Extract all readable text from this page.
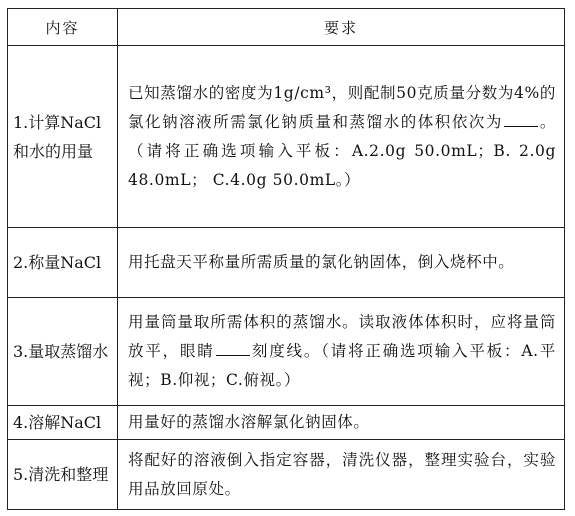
内容	要求
1.计算NaCl和水的用量	已知蒸馏水的密度为1g/cm³，则配制50克质量分数为4%的氯化钠溶液所需氯化钠质量和蒸馏水的体积依次为 。（请将正确选项输入平板：A.2.0g 50.0mL；B. 2.0g 48.0mL； C.4.0g 50.0mL。）
2.称量NaCl	用托盘天平称量所需质量的氯化钠固体，倒入烧杯中。
3.量取蒸馏水	用量筒量取所需体积的蒸馏水。读取液体体积时，应将量筒放平，眼睛 刻度线。（请将正确选项输入平板：A.平视；B.仰视；C.俯视。）
4.溶解NaCl	用量好的蒸馏水溶解氯化钠固体。
5.清洗和整理	将配好的溶液倒入指定容器，清洗仪器，整理实验台，实验用品放回原处。
